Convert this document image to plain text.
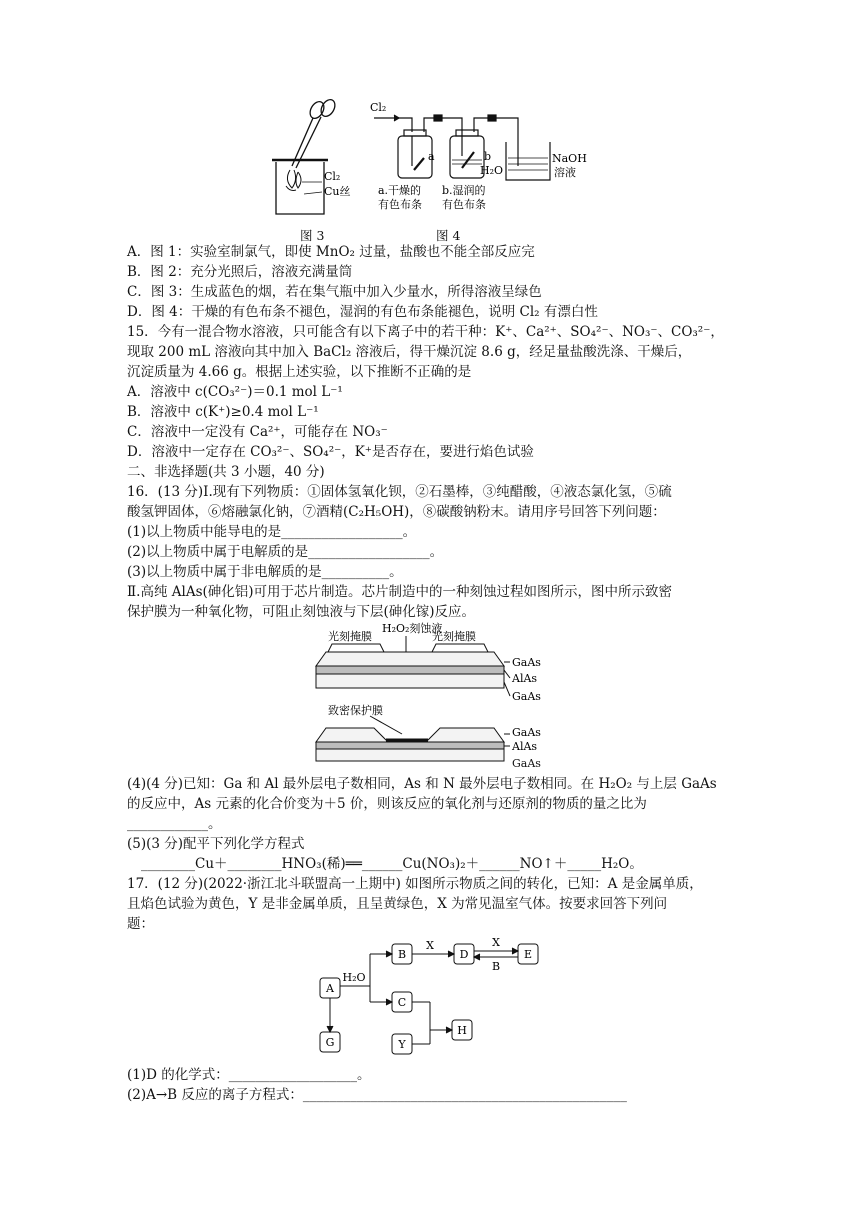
Cl₂
Cu丝
图 3
Cl₂
a	b
H₂O
NaOH
溶液
a.干燥的
有色布条
b.湿润的
有色布条
图 4
A．图 1：实验室制氯气，即使 MnO₂ 过量，盐酸也不能全部反应完
B．图 2：充分光照后，溶液充满量筒
C．图 3：生成蓝色的烟，若在集气瓶中加入少量水，所得溶液呈绿色
D．图 4：干燥的有色布条不褪色，湿润的有色布条能褪色，说明 Cl₂ 有漂白性
15．今有一混合物水溶液，只可能含有以下离子中的若干种：K⁺、Ca²⁺、SO₄²⁻、NO₃⁻、CO₃²⁻，
现取 200 mL 溶液向其中加入 BaCl₂ 溶液后，得干燥沉淀 8.6 g，经足量盐酸洗涤、干燥后，
沉淀质量为 4.66 g。根据上述实验，以下推断不正确的是
A．溶液中 c(CO₃²⁻)＝0.1 mol L⁻¹
B．溶液中 c(K⁺)≥0.4 mol L⁻¹
C．溶液中一定没有 Ca²⁺，可能存在 NO₃⁻
D．溶液中一定存在 CO₃²⁻、SO₄²⁻，K⁺是否存在，要进行焰色试验
二、非选择题(共 3 小题，40 分)
16．(13 分)Ⅰ.现有下列物质：①固体氢氧化钡，②石墨棒，③纯醋酸，④液态氯化氢，⑤硫
酸氢钾固体，⑥熔融氯化钠，⑦酒精(C₂H₅OH)，⑧碳酸钠粉末。请用序号回答下列问题：
(1)以上物质中能导电的是__________________。
(2)以上物质中属于电解质的是__________________。
(3)以上物质中属于非电解质的是__________。
Ⅱ.高纯 AlAs(砷化铝)可用于芯片制造。芯片制造中的一种刻蚀过程如图所示，图中所示致密
保护膜为一种氧化物，可阻止刻蚀液与下层(砷化镓)反应。
H₂O₂刻蚀液
光刻掩膜	光刻掩膜
GaAs
AlAs
GaAs
致密保护膜
GaAs
AlAs
GaAs
(4)(4 分)已知：Ga 和 Al 最外层电子数相同，As 和 N 最外层电子数相同。在 H₂O₂ 与上层 GaAs
的反应中，As 元素的化合价变为＋5 价，则该反应的氧化剂与还原剂的物质的量之比为
____________。
(5)(3 分)配平下列化学方程式
________Cu＋________HNO₃(稀)══______Cu(NO₃)₂＋______NO↑＋_____H₂O。
17．(12 分)(2022·浙江北斗联盟高一上期中) 如图所示物质之间的转化，已知：A 是金属单质，
且焰色试验为黄色，Y 是非金属单质，且呈黄绿色，X 为常见温室气体。按要求回答下列问
题：
A
B	D	E
C
H
Y
G
H₂O
X	X
B
(1)D 的化学式：___________________。
(2)A→B 反应的离子方程式：________________________________________________
